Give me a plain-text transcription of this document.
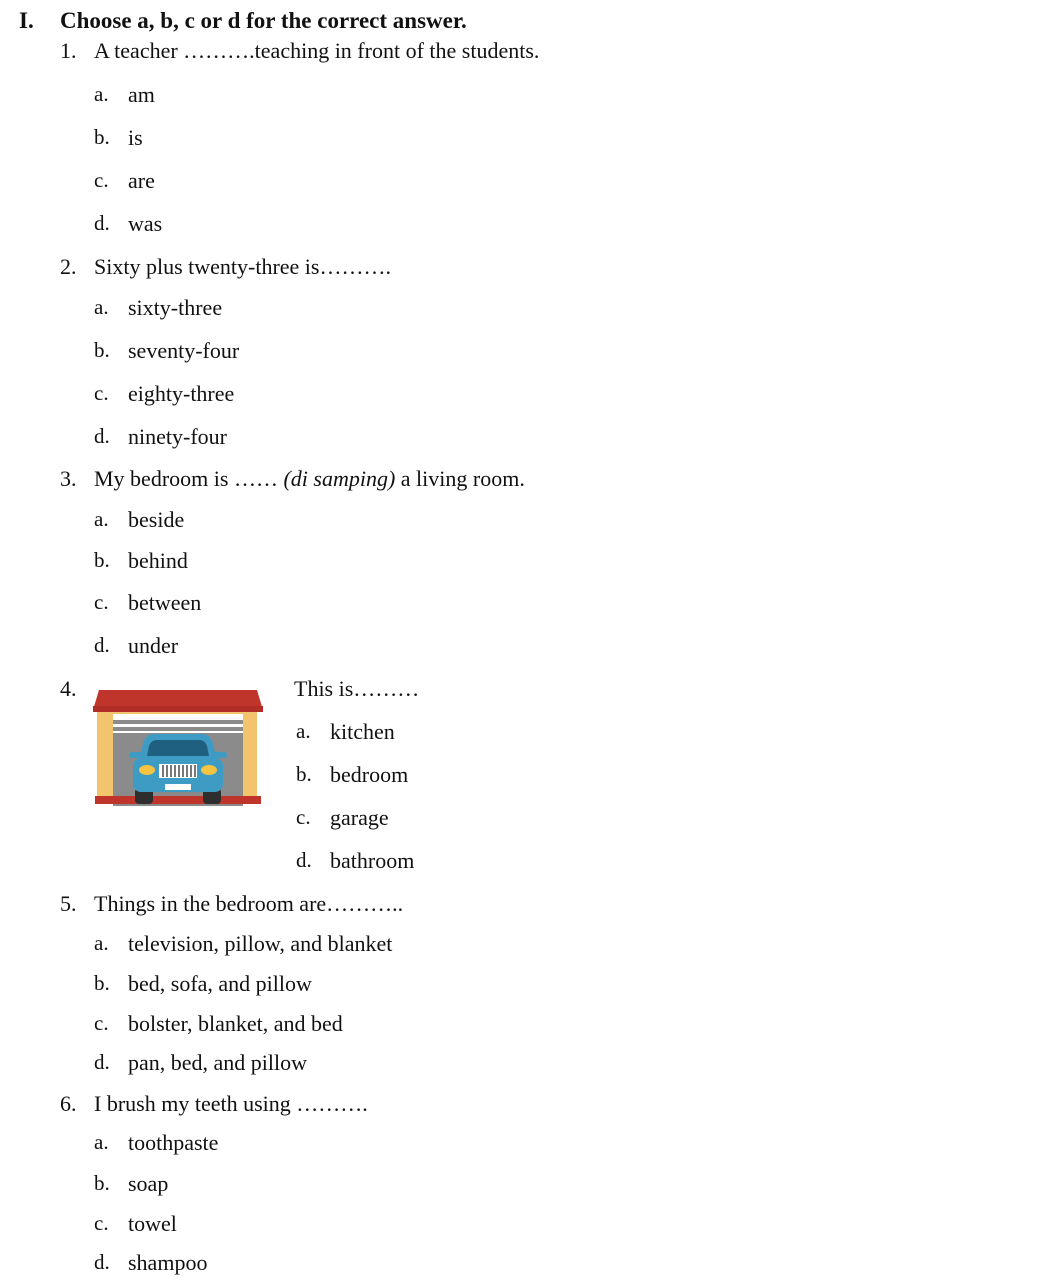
I. Choose a, b, c or d for the correct answer.
1. A teacher ……….teaching in front of the students.
a. am
b. is
c. are
d. was
2. Sixty plus twenty-three is……….
a. sixty-three
b. seventy-four
c. eighty-three
d. ninety-four
3. My bedroom is …… (di samping) a living room.
a. beside
b. behind
c. between
d. under
4.	This is………
a. kitchen
b. bedroom
c. garage
d. bathroom
5. Things in the bedroom are………..
a. television, pillow, and blanket
b. bed, sofa, and pillow
c. bolster, blanket, and bed
d. pan, bed, and pillow
6. I brush my teeth using ……….
a. toothpaste
b. soap
c. towel
d. shampoo
